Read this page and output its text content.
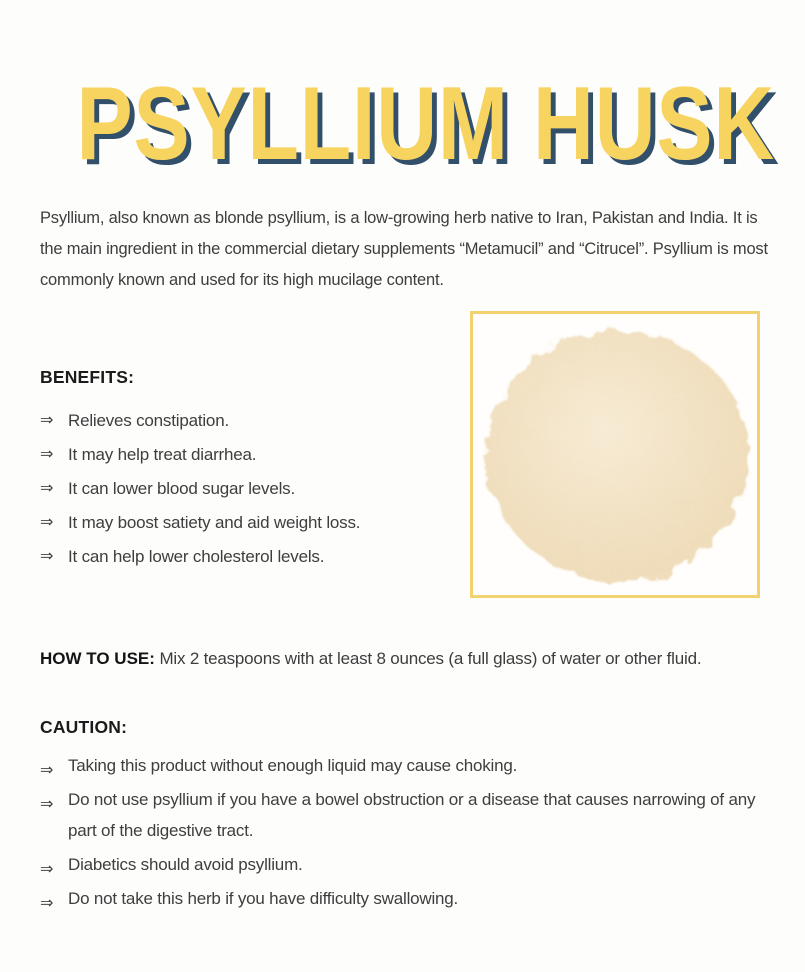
PSYLLIUM HUSK

Psyllium, also known as blonde psyllium, is a low-growing herb native to Iran, Pakistan and India. It is the main ingredient in the commercial dietary supplements “Metamucil” and “Citrucel”. Psyllium is most commonly known and used for its high mucilage content.

BENEFITS:
⇒ Relieves constipation.
⇒ It may help treat diarrhea.
⇒ It can lower blood sugar levels.
⇒ It may boost satiety and aid weight loss.
⇒ It can help lower cholesterol levels.

HOW TO USE: Mix 2 teaspoons with at least 8 ounces (a full glass) of water or other fluid.

CAUTION:
⇒ Taking this product without enough liquid may cause choking.
⇒ Do not use psyllium if you have a bowel obstruction or a disease that causes narrowing of any part of the digestive tract.
⇒ Diabetics should avoid psyllium.
⇒ Do not take this herb if you have difficulty swallowing.
